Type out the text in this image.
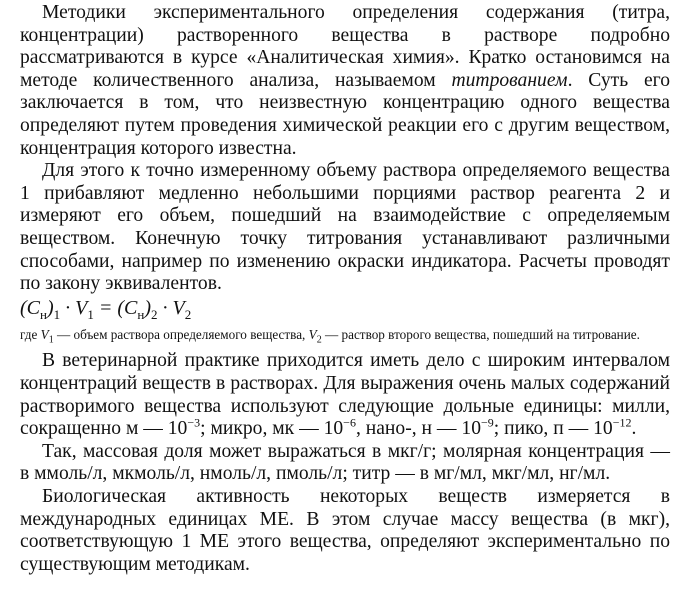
Методики экспериментального определения содержания (титра, концентрации) растворенного вещества в растворе подробно рассматриваются в курсе «Аналитическая химия». Кратко остановимся на методе количественного анализа, называемом титрованием. Суть его заключается в том, что неизвестную концентрацию одного вещества определяют путем проведения химической реакции его с другим веществом, концентрация которого известна.

Для этого к точно измеренному объему раствора определяемого вещества 1 прибавляют медленно небольшими порциями раствор реагента 2 и измеряют его объем, пошедший на взаимодействие с определяемым веществом. Конечную точку титрования устанавливают различными способами, например по изменению окраски индикатора. Расчеты проводят по закону эквивалентов.

$(C_н)_1 \cdot V_1 = (C_н)_2 \cdot V_2$

где $V_1$ — объем раствора определяемого вещества, $V_2$ — раствор второго вещества, пошедший на титрование.

В ветеринарной практике приходится иметь дело с широким интервалом концентраций веществ в растворах. Для выражения очень малых содержаний растворимого вещества используют следующие дольные единицы: милли, сокращенно м — $10^{-3}$; микро, мк — $10^{-6}$, нано-, н — $10^{-9}$; пико, п — $10^{-12}$.

Так, массовая доля может выражаться в мкг/г; молярная концентрация — в ммоль/л, мкмоль/л, нмоль/л, пмоль/л; титр — в мг/мл, мкг/мл, нг/мл.

Биологическая активность некоторых веществ измеряется в международных единицах МЕ. В этом случае массу вещества (в мкг), соответствующую 1 МЕ этого вещества, определяют экспериментально по существующим методикам.
